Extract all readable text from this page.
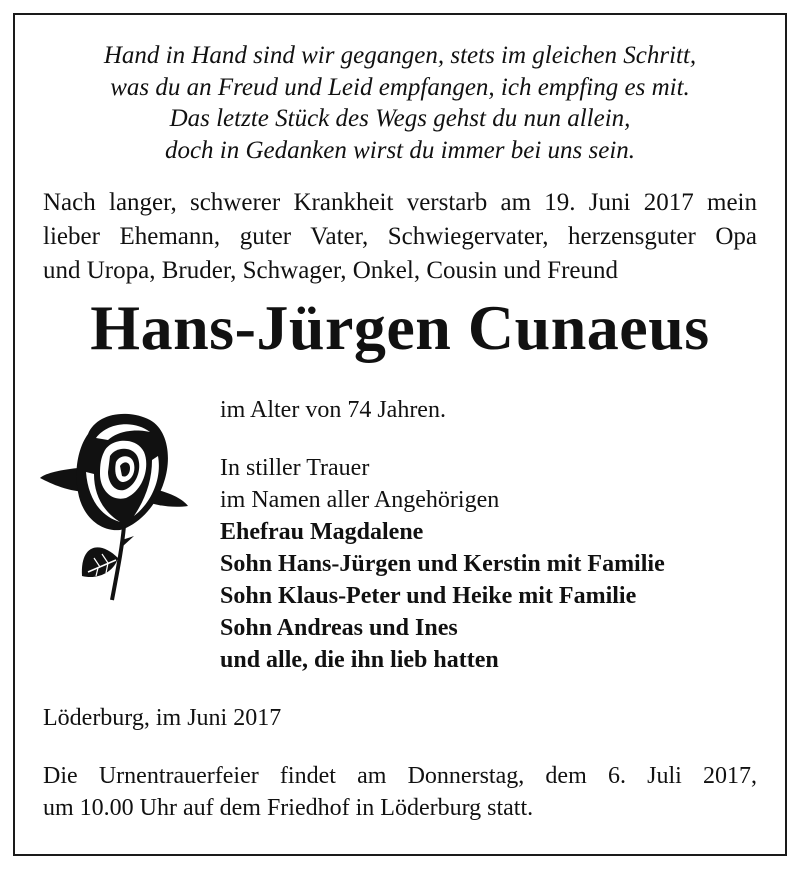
Hand in Hand sind wir gegangen, stets im gleichen Schritt,
was du an Freud und Leid empfangen, ich empfing es mit.
Das letzte Stück des Wegs gehst du nun allein,
doch in Gedanken wirst du immer bei uns sein.
Nach langer, schwerer Krankheit verstarb am 19. Juni 2017 mein
lieber Ehemann, guter Vater, Schwiegervater, herzensguter Opa
und Uropa, Bruder, Schwager, Onkel, Cousin und Freund
Hans-Jürgen Cunaeus
im Alter von 74 Jahren.
In stiller Trauer
im Namen aller Angehörigen
Ehefrau Magdalene
Sohn Hans-Jürgen und Kerstin mit Familie
Sohn Klaus-Peter und Heike mit Familie
Sohn Andreas und Ines
und alle, die ihn lieb hatten
Löderburg, im Juni 2017
Die Urnentrauerfeier findet am Donnerstag, dem 6. Juli 2017,
um 10.00 Uhr auf dem Friedhof in Löderburg statt.
